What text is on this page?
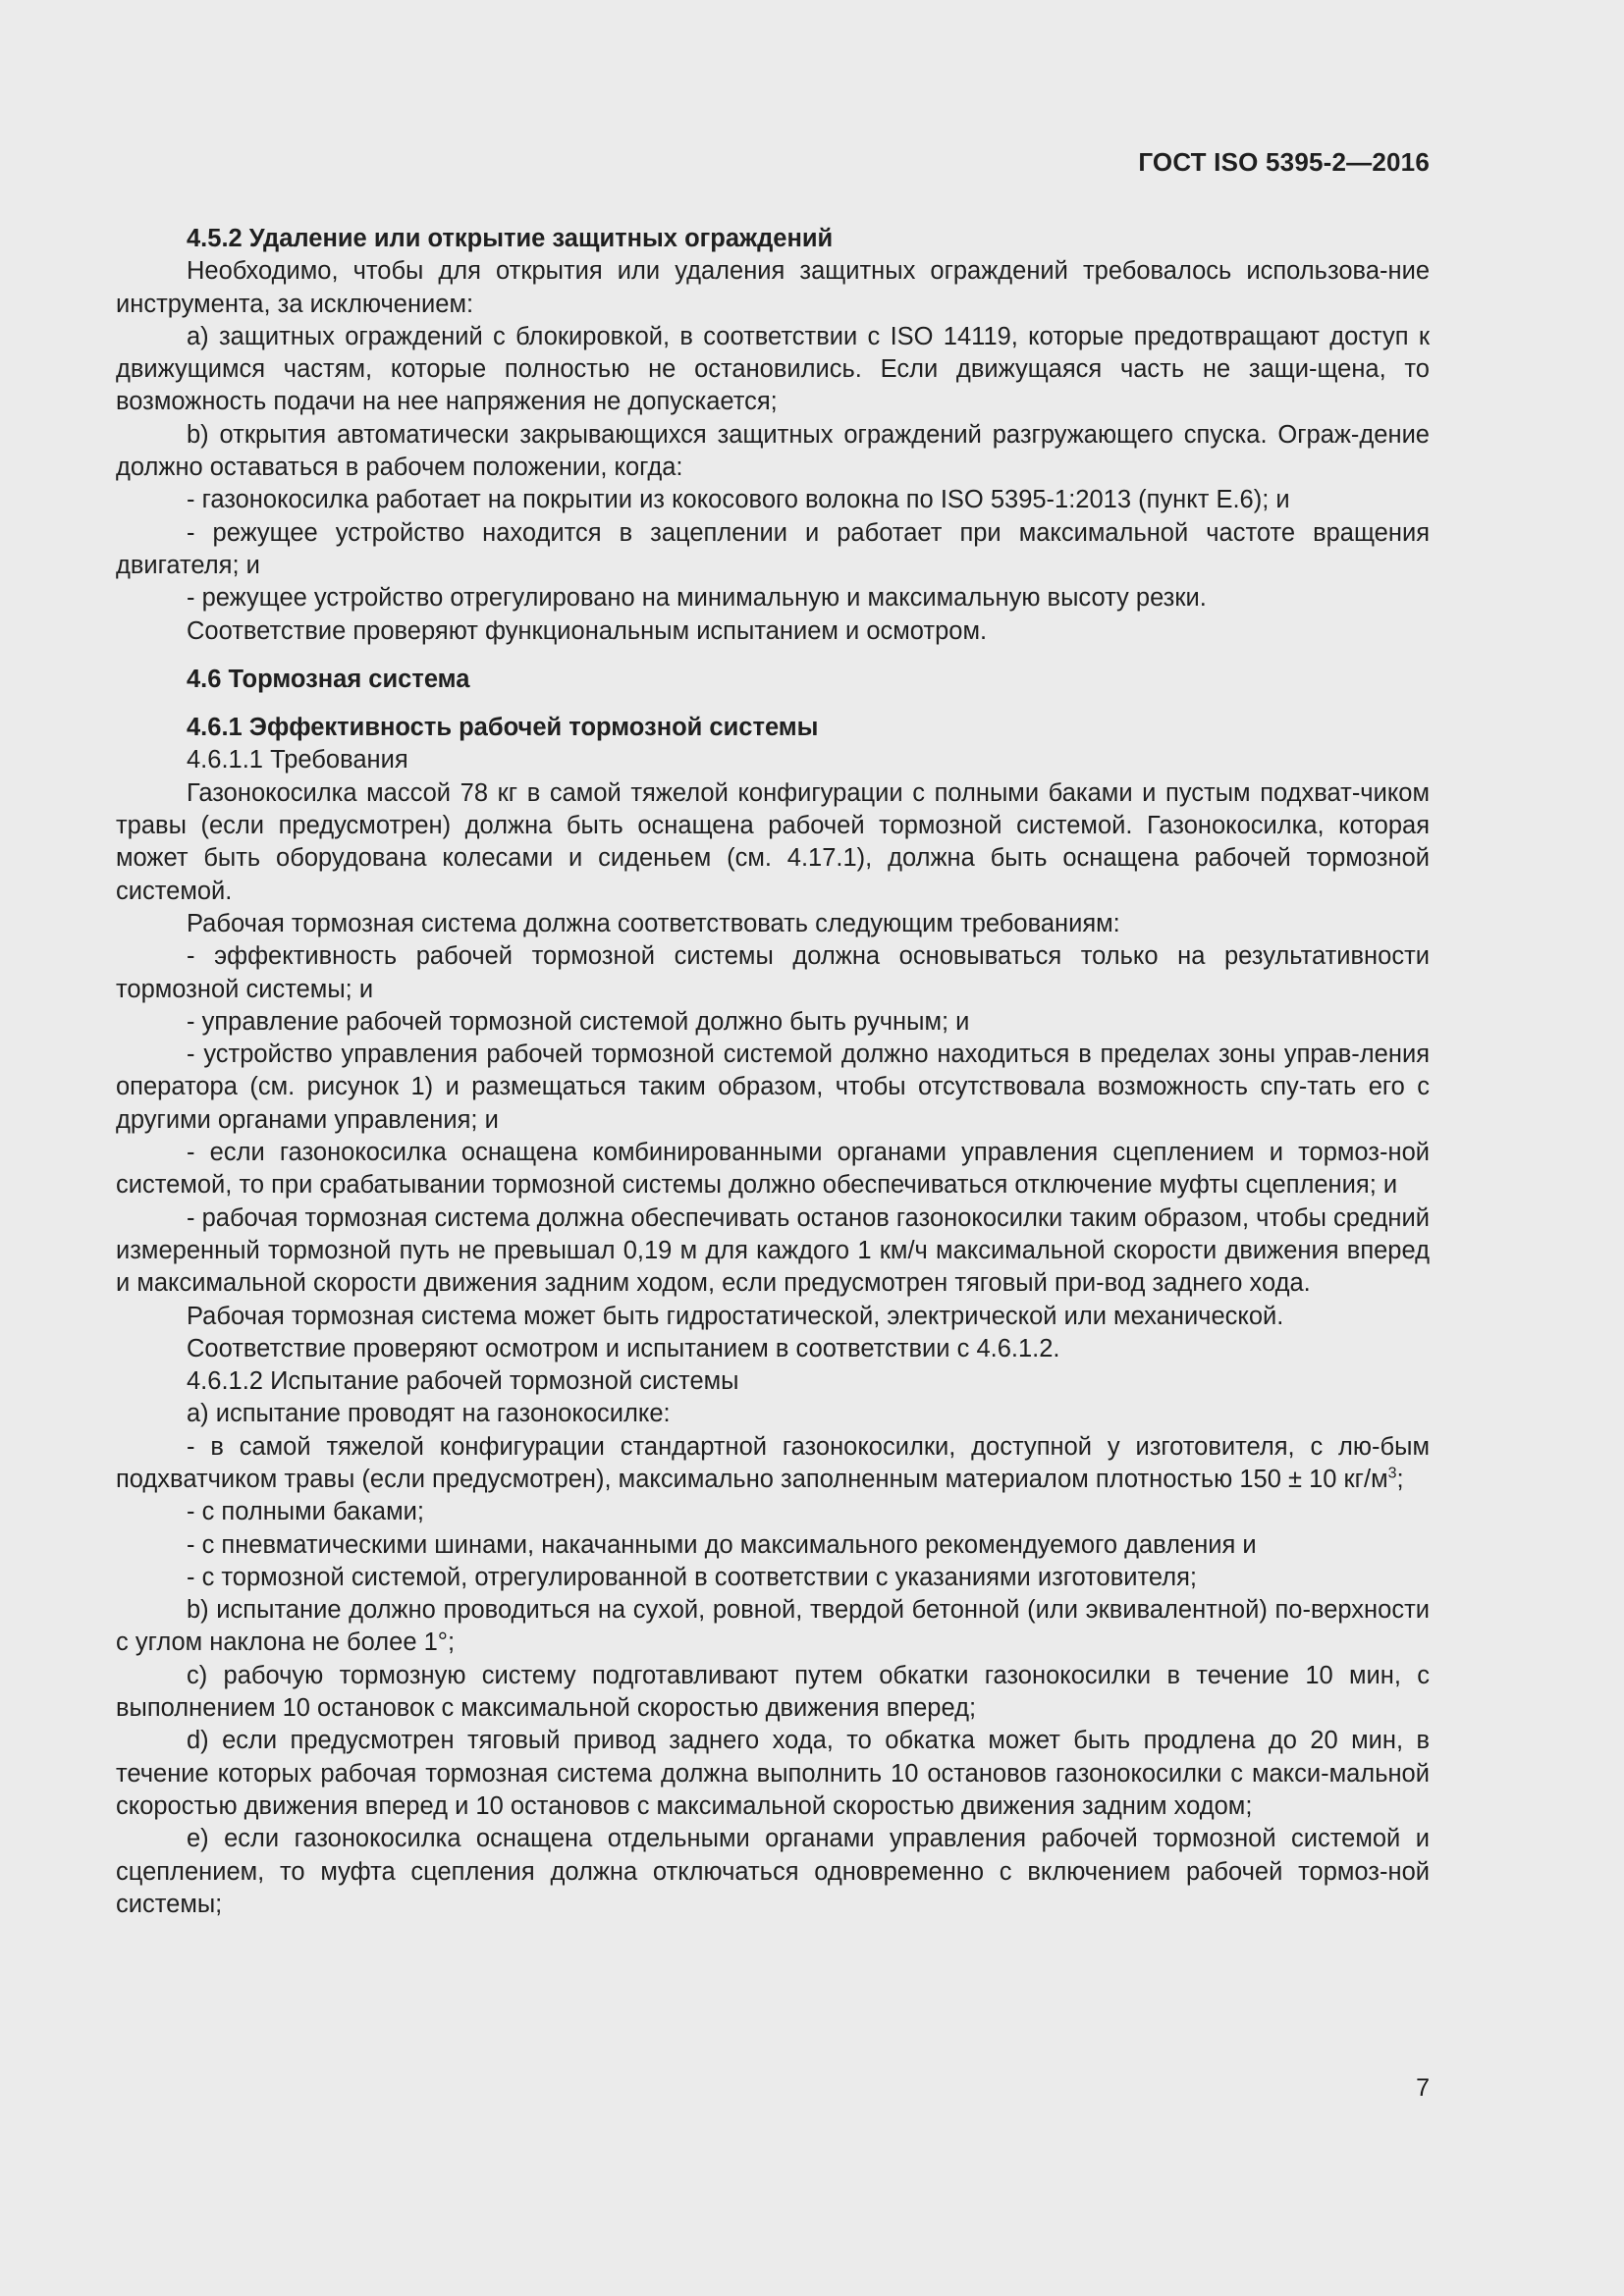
ГОСТ ISO 5395-2—2016

4.5.2 Удаление или открытие защитных ограждений

Необходимо, чтобы для открытия или удаления защитных ограждений требовалось использова-ние инструмента, за исключением:

а) защитных ограждений с блокировкой, в соответствии с ISO 14119, которые предотвращают доступ к движущимся частям, которые полностью не остановились. Если движущаяся часть не защи-щена, то возможность подачи на нее напряжения не допускается;

b) открытия автоматически закрывающихся защитных ограждений разгружающего спуска. Ограж-дение должно оставаться в рабочем положении, когда:

- газонокосилка работает на покрытии из кокосового волокна по ISO 5395-1:2013 (пункт E.6); и

- режущее устройство находится в зацеплении и работает при максимальной частоте вращения двигателя; и

- режущее устройство отрегулировано на минимальную и максимальную высоту резки.

Соответствие проверяют функциональным испытанием и осмотром.

4.6 Тормозная система

4.6.1 Эффективность рабочей тормозной системы

4.6.1.1 Требования

Газонокосилка массой 78 кг в самой тяжелой конфигурации с полными баками и пустым подхват-чиком травы (если предусмотрен) должна быть оснащена рабочей тормозной системой. Газонокосилка, которая может быть оборудована колесами и сиденьем (см. 4.17.1), должна быть оснащена рабочей тормозной системой.

Рабочая тормозная система должна соответствовать следующим требованиям:

- эффективность рабочей тормозной системы должна основываться только на результативности тормозной системы; и

- управление рабочей тормозной системой должно быть ручным; и

- устройство управления рабочей тормозной системой должно находиться в пределах зоны управ-ления оператора (см. рисунок 1) и размещаться таким образом, чтобы отсутствовала возможность спу-тать его с другими органами управления; и

- если газонокосилка оснащена комбинированными органами управления сцеплением и тормоз-ной системой, то при срабатывании тормозной системы должно обеспечиваться отключение муфты сцепления; и

- рабочая тормозная система должна обеспечивать останов газонокосилки таким образом, чтобы средний измеренный тормозной путь не превышал 0,19 м для каждого 1 км/ч максимальной скорости движения вперед и максимальной скорости движения задним ходом, если предусмотрен тяговый при-вод заднего хода.

Рабочая тормозная система может быть гидростатической, электрической или механической.

Соответствие проверяют осмотром и испытанием в соответствии с 4.6.1.2.

4.6.1.2 Испытание рабочей тормозной системы

а) испытание проводят на газонокосилке:

- в самой тяжелой конфигурации стандартной газонокосилки, доступной у изготовителя, с лю-бым подхватчиком травы (если предусмотрен), максимально заполненным материалом плотностью 150 ± 10 $кг/м^3$;

- с полными баками;

- с пневматическими шинами, накачанными до максимального рекомендуемого давления и

- с тормозной системой, отрегулированной в соответствии с указаниями изготовителя;

b) испытание должно проводиться на сухой, ровной, твердой бетонной (или эквивалентной) по-верхности с углом наклона не более 1°;

с) рабочую тормозную систему подготавливают путем обкатки газонокосилки в течение 10 мин, с выполнением 10 остановок с максимальной скоростью движения вперед;

d) если предусмотрен тяговый привод заднего хода, то обкатка может быть продлена до 20 мин, в течение которых рабочая тормозная система должна выполнить 10 остановов газонокосилки с макси-мальной скоростью движения вперед и 10 остановов с максимальной скоростью движения задним ходом;

е) если газонокосилка оснащена отдельными органами управления рабочей тормозной системой и сцеплением, то муфта сцепления должна отключаться одновременно с включением рабочей тормоз-ной системы;

7
